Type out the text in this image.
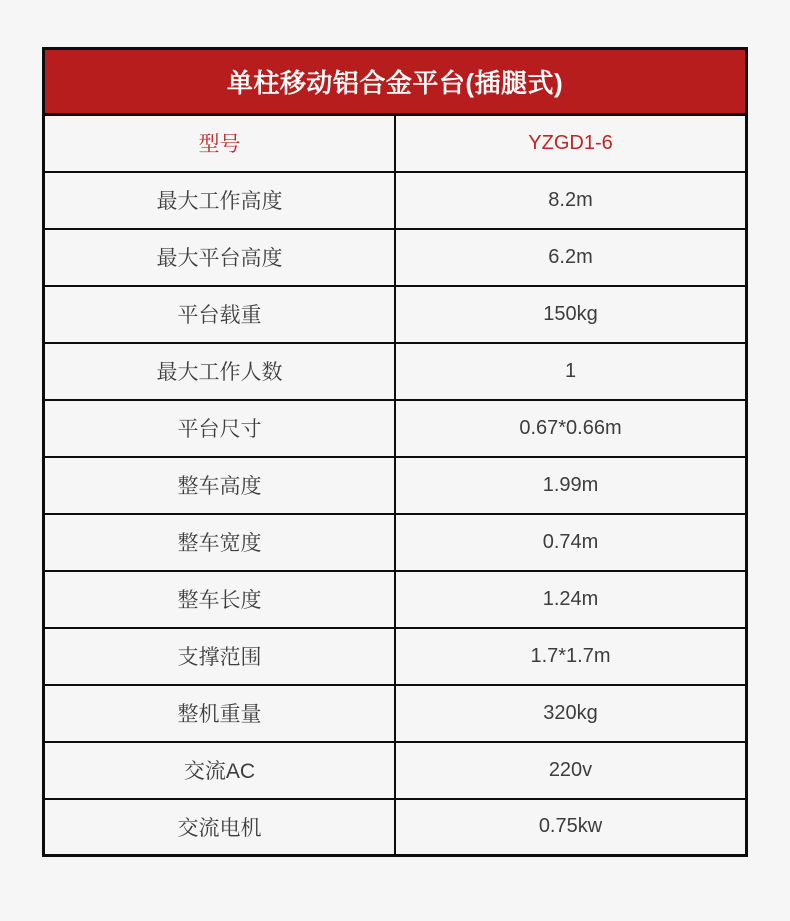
单柱移动铝合金平台(插腿式)	
型号	YZGD1-6
最大工作高度	8.2m
最大平台高度	6.2m
平台载重	150kg
最大工作人数	1
平台尺寸	0.67*0.66m
整车高度	1.99m
整车宽度	0.74m
整车长度	1.24m
支撑范围	1.7*1.7m
整机重量	320kg
交流AC	220v
交流电机	0.75kw
